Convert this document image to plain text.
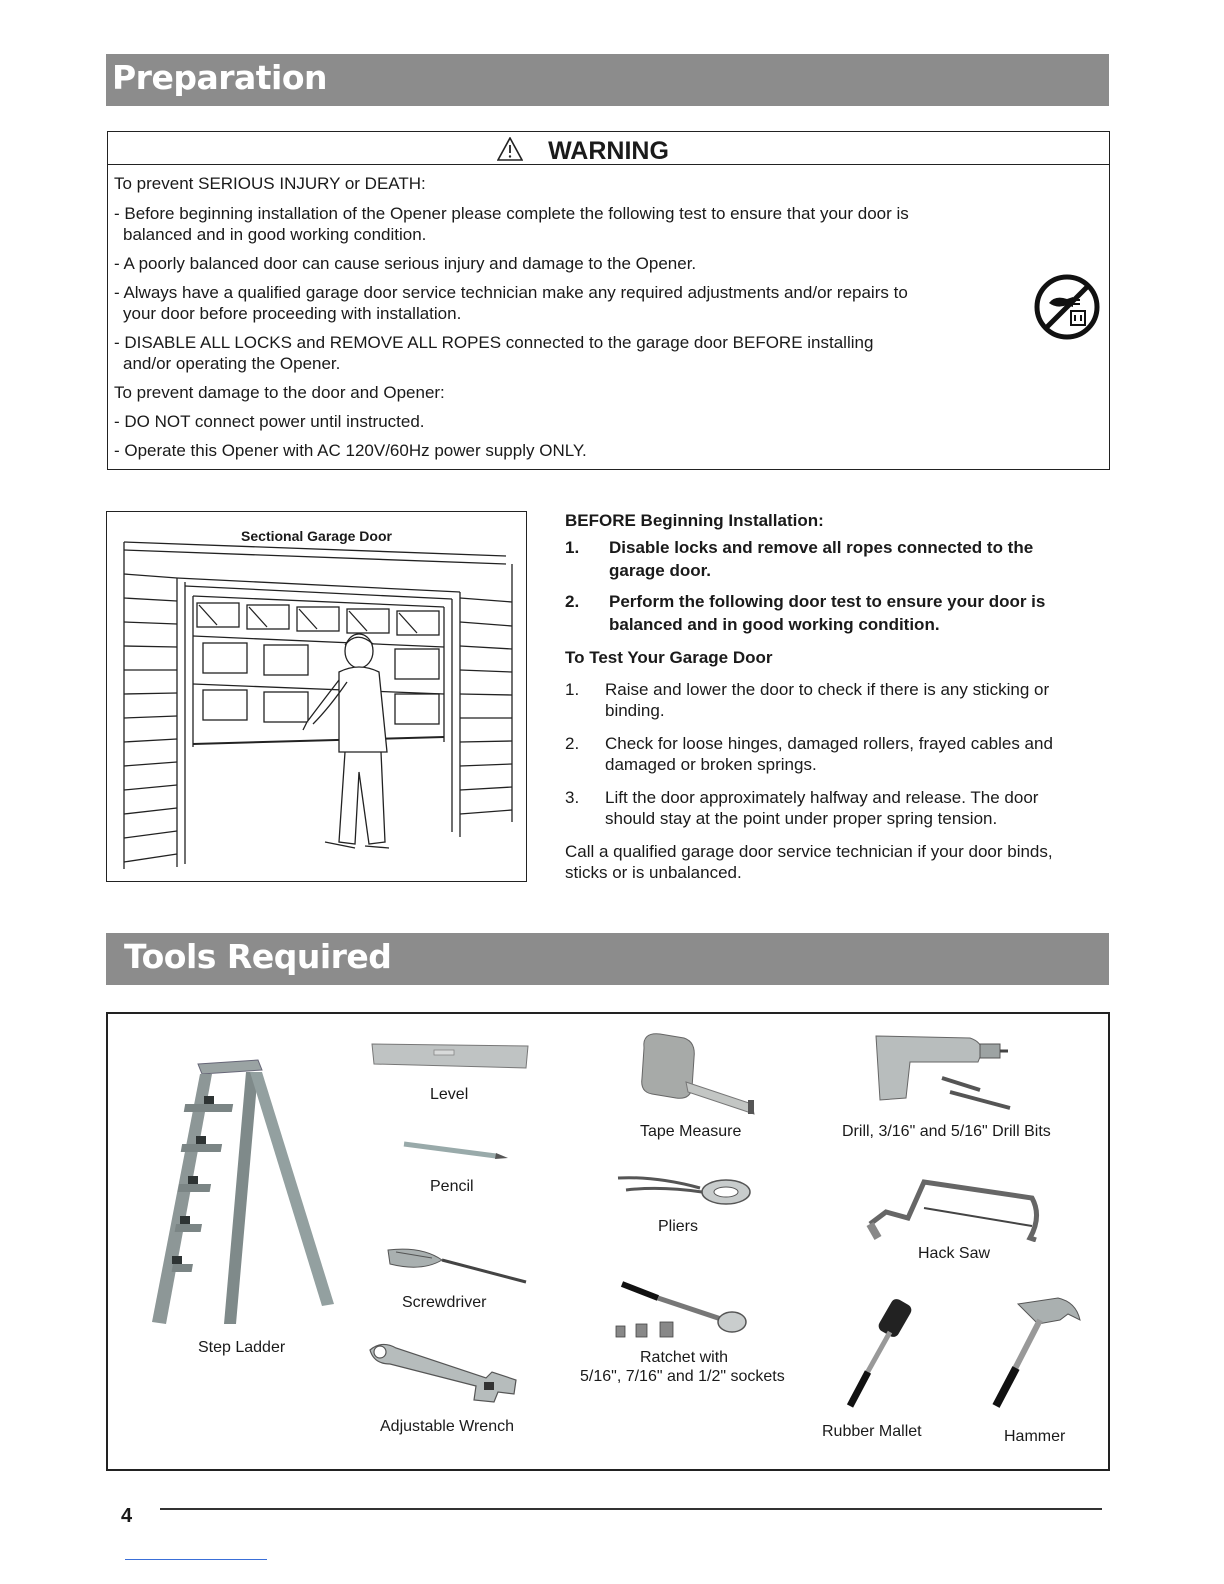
Preparation
WARNING
To prevent SERIOUS INJURY or DEATH:
- Before beginning installation of the Opener please complete the following test to ensure that your door is
balanced and in good working condition.
- A poorly balanced door can cause serious injury and damage to the Opener.
- Always have a qualified garage door service technician make any required adjustments and/or repairs to
your door before proceeding with installation.
- DISABLE ALL LOCKS and REMOVE ALL ROPES connected to the garage door BEFORE installing
and/or operating the Opener.
To prevent damage to the door and Opener:
- DO NOT connect power until instructed.
- Operate this Opener with AC 120V/60Hz power supply ONLY.
Sectional Garage Door
BEFORE Beginning Installation:
1. Disable locks and remove all ropes connected to the
garage door.
2. Perform the following door test to ensure your door is
balanced and in good working condition.
To Test Your Garage Door
1. Raise and lower the door to check if there is any sticking or
binding.
2. Check for loose hinges, damaged rollers, frayed cables and
damaged or broken springs.
3. Lift the door approximately halfway and release. The door
should stay at the point under proper spring tension.
Call a qualified garage door service technician if your door binds,
sticks or is unbalanced.
Tools Required
Step Ladder
Level
Pencil
Screwdriver
Adjustable Wrench
Tape Measure
Pliers
Ratchet with
5/16", 7/16" and 1/2" sockets
Drill, 3/16" and 5/16" Drill Bits
Hack Saw
Rubber Mallet	Hammer
4
